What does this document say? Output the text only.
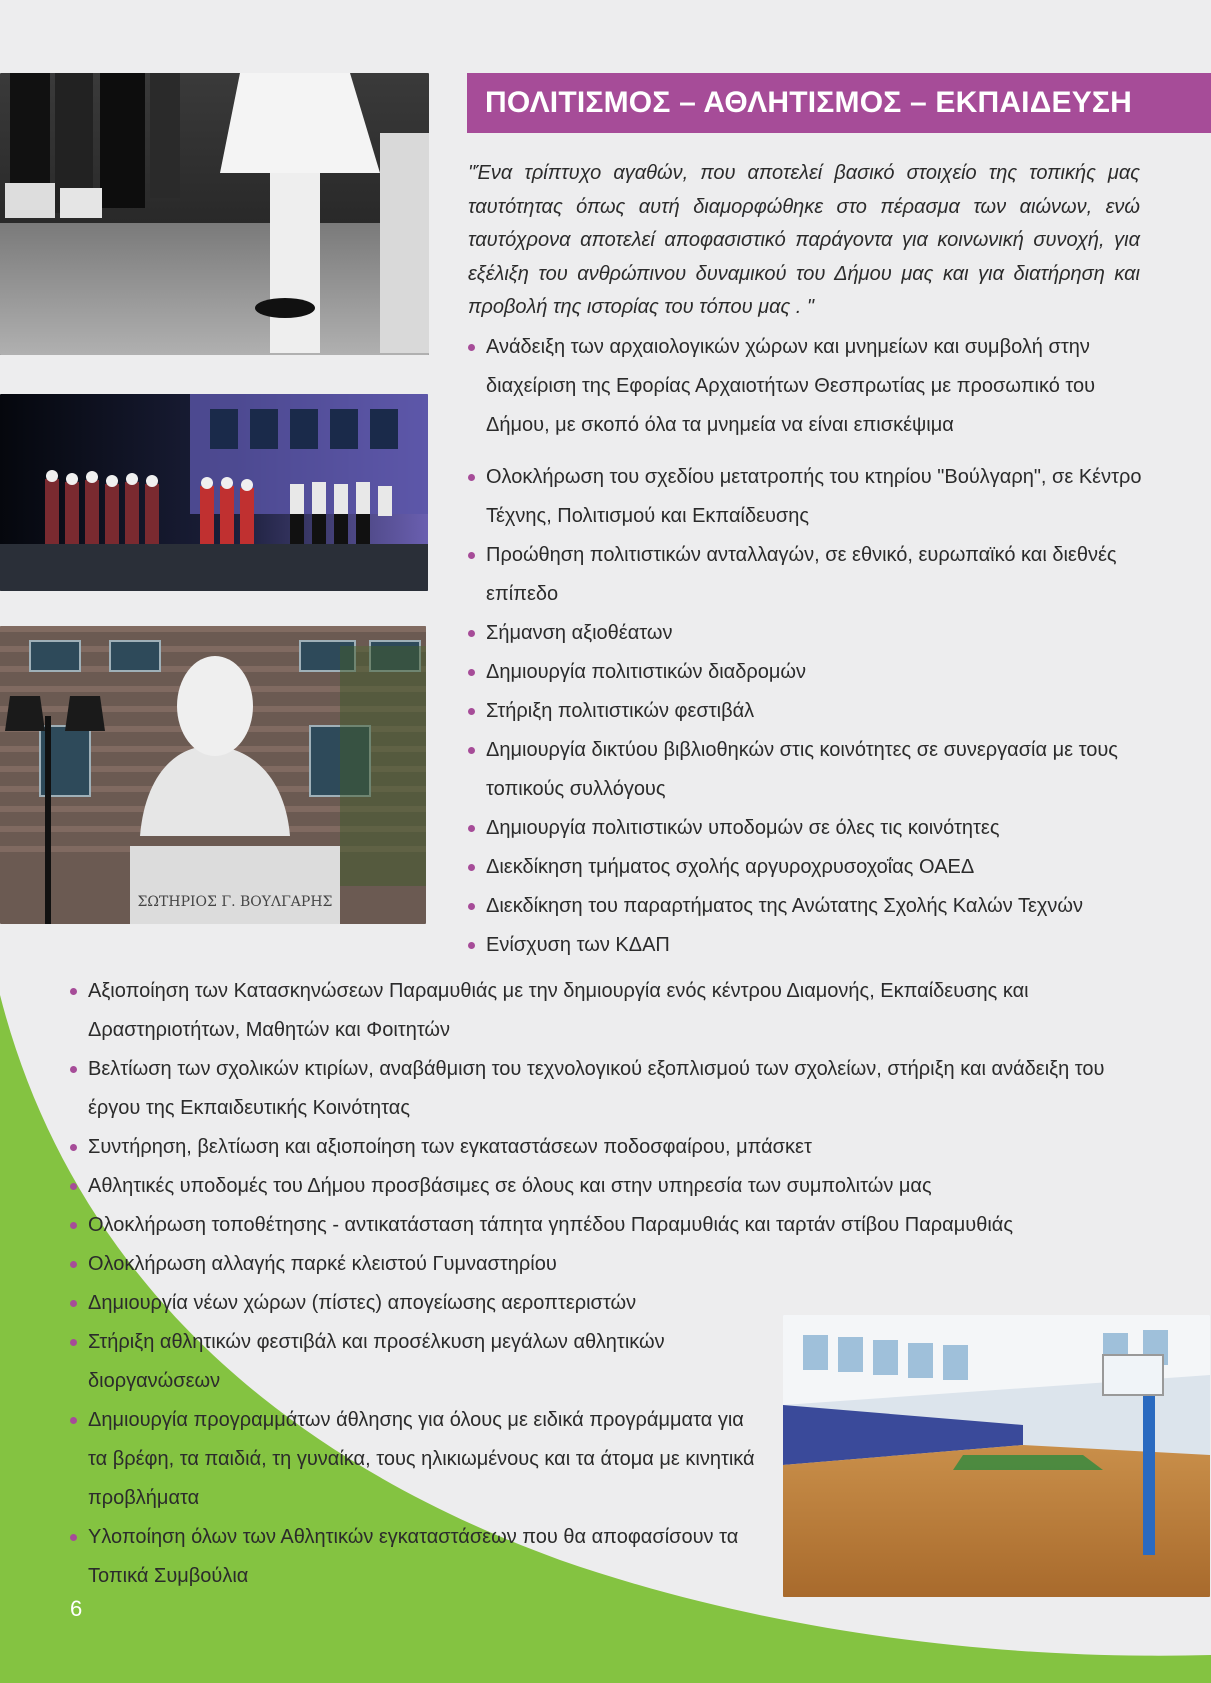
ΣΩΤΗΡΙΟΣ Γ. ΒΟΥΛΓΑΡΗΣ
ΠΟΛΙΤΙΣΜΟΣ – ΑΘΛΗΤΙΣΜΟΣ – ΕΚΠΑΙΔΕΥΣΗ
"Ένα τρίπτυχο αγαθών, που αποτελεί βασικό στοιχείο της τοπικής μας ταυτότητας όπως αυτή διαμορφώθηκε στο πέρασμα των αιώνων, ενώ ταυτόχρονα αποτελεί αποφασιστικό παράγοντα για κοινωνική συνοχή, για εξέλιξη του ανθρώπινου δυναμικού του Δήμου μας και για διατήρηση και προβολή της ιστορίας του τόπου μας . "
Ανάδειξη των αρχαιολογικών χώρων και μνημείων και συμβολή στην διαχείριση της Εφορίας Αρχαιοτήτων Θεσπρωτίας με προσωπικό του Δήμου, με σκοπό όλα τα μνημεία να είναι επισκέψιμα
Ολοκλήρωση του σχεδίου μετατροπής του κτηρίου "Βούλγαρη", σε Κέντρο Τέχνης, Πολιτισμού και Εκπαίδευσης
Προώθηση πολιτιστικών ανταλλαγών, σε εθνικό, ευρωπαϊκό και διεθνές επίπεδο
Σήμανση αξιοθέατων
Δημιουργία πολιτιστικών διαδρομών
Στήριξη πολιτιστικών φεστιβάλ
Δημιουργία δικτύου βιβλιοθηκών στις κοινότητες σε συνεργασία με τους τοπικούς συλλόγους
Δημιουργία πολιτιστικών υποδομών σε όλες τις κοινότητες
Διεκδίκηση τμήματος σχολής αργυροχρυσοχοΐας ΟΑΕΔ
Διεκδίκηση του παραρτήματος της Ανώτατης Σχολής Καλών Τεχνών
Ενίσχυση των ΚΔΑΠ
Αξιοποίηση των Κατασκηνώσεων Παραμυθιάς με την δημιουργία ενός κέντρου Διαμονής, Εκπαίδευσης και Δραστηριοτήτων, Μαθητών και Φοιτητών
Βελτίωση των σχολικών κτιρίων, αναβάθμιση του τεχνολογικού εξοπλισμού των σχολείων, στήριξη και ανάδειξη του έργου της Εκπαιδευτικής Κοινότητας
Συντήρηση, βελτίωση και αξιοποίηση των εγκαταστάσεων ποδοσφαίρου, μπάσκετ
Αθλητικές υποδομές του Δήμου προσβάσιμες σε όλους και στην υπηρεσία των συμπολιτών μας
Ολοκλήρωση τοποθέτησης - αντικατάσταση τάπητα γηπέδου Παραμυθιάς και ταρτάν στίβου Παραμυθιάς
Ολοκλήρωση αλλαγής παρκέ κλειστού Γυμναστηρίου
Δημιουργία νέων χώρων (πίστες) απογείωσης αεροπτεριστών
Στήριξη αθλητικών φεστιβάλ και προσέλκυση μεγάλων αθλητικών διοργανώσεων
Δημιουργία προγραμμάτων άθλησης για όλους με ειδικά προγράμματα για τα βρέφη, τα παιδιά, τη γυναίκα, τους ηλικιωμένους και τα άτομα με κινητικά προβλήματα
Υλοποίηση όλων των Αθλητικών εγκαταστάσεων που θα αποφασίσουν τα Τοπικά Συμβούλια
6
